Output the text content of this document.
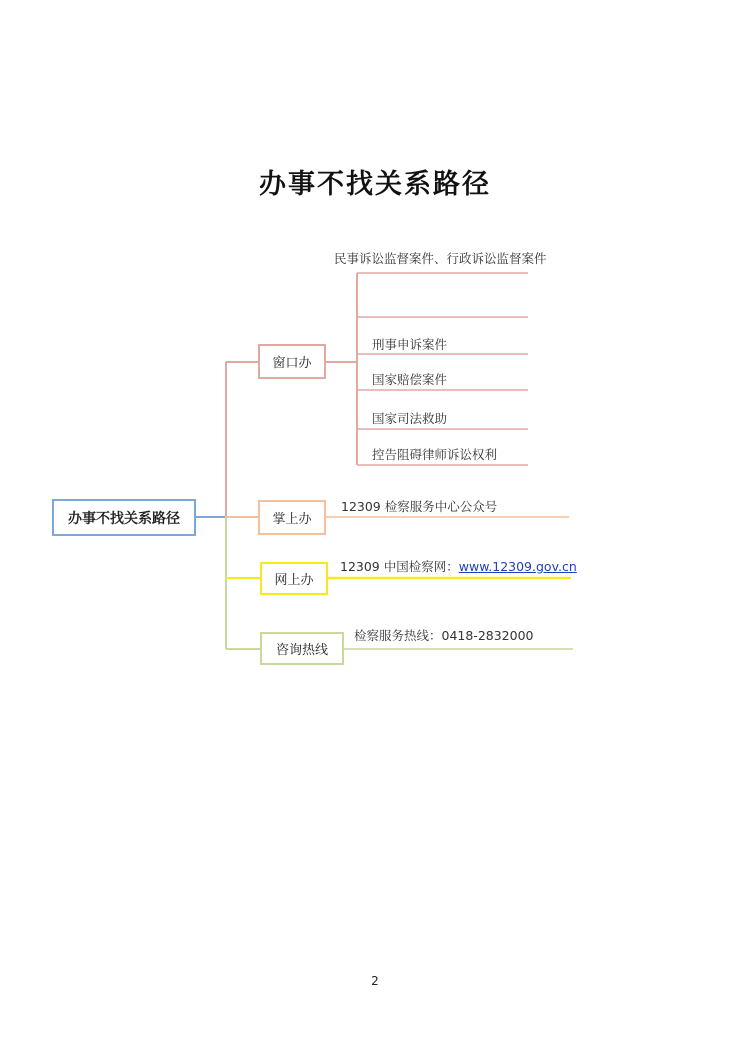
办事不找关系路径
办事不找关系路径
窗口办
掌上办
网上办
咨询热线
民事诉讼监督案件、行政诉讼监督案件
刑事申诉案件
国家赔偿案件
国家司法救助
控告阻碍律师诉讼权利
12309 检察服务中心公众号
12309 中国检察网：www.12309.gov.cn
检察服务热线：0418-2832000
2
